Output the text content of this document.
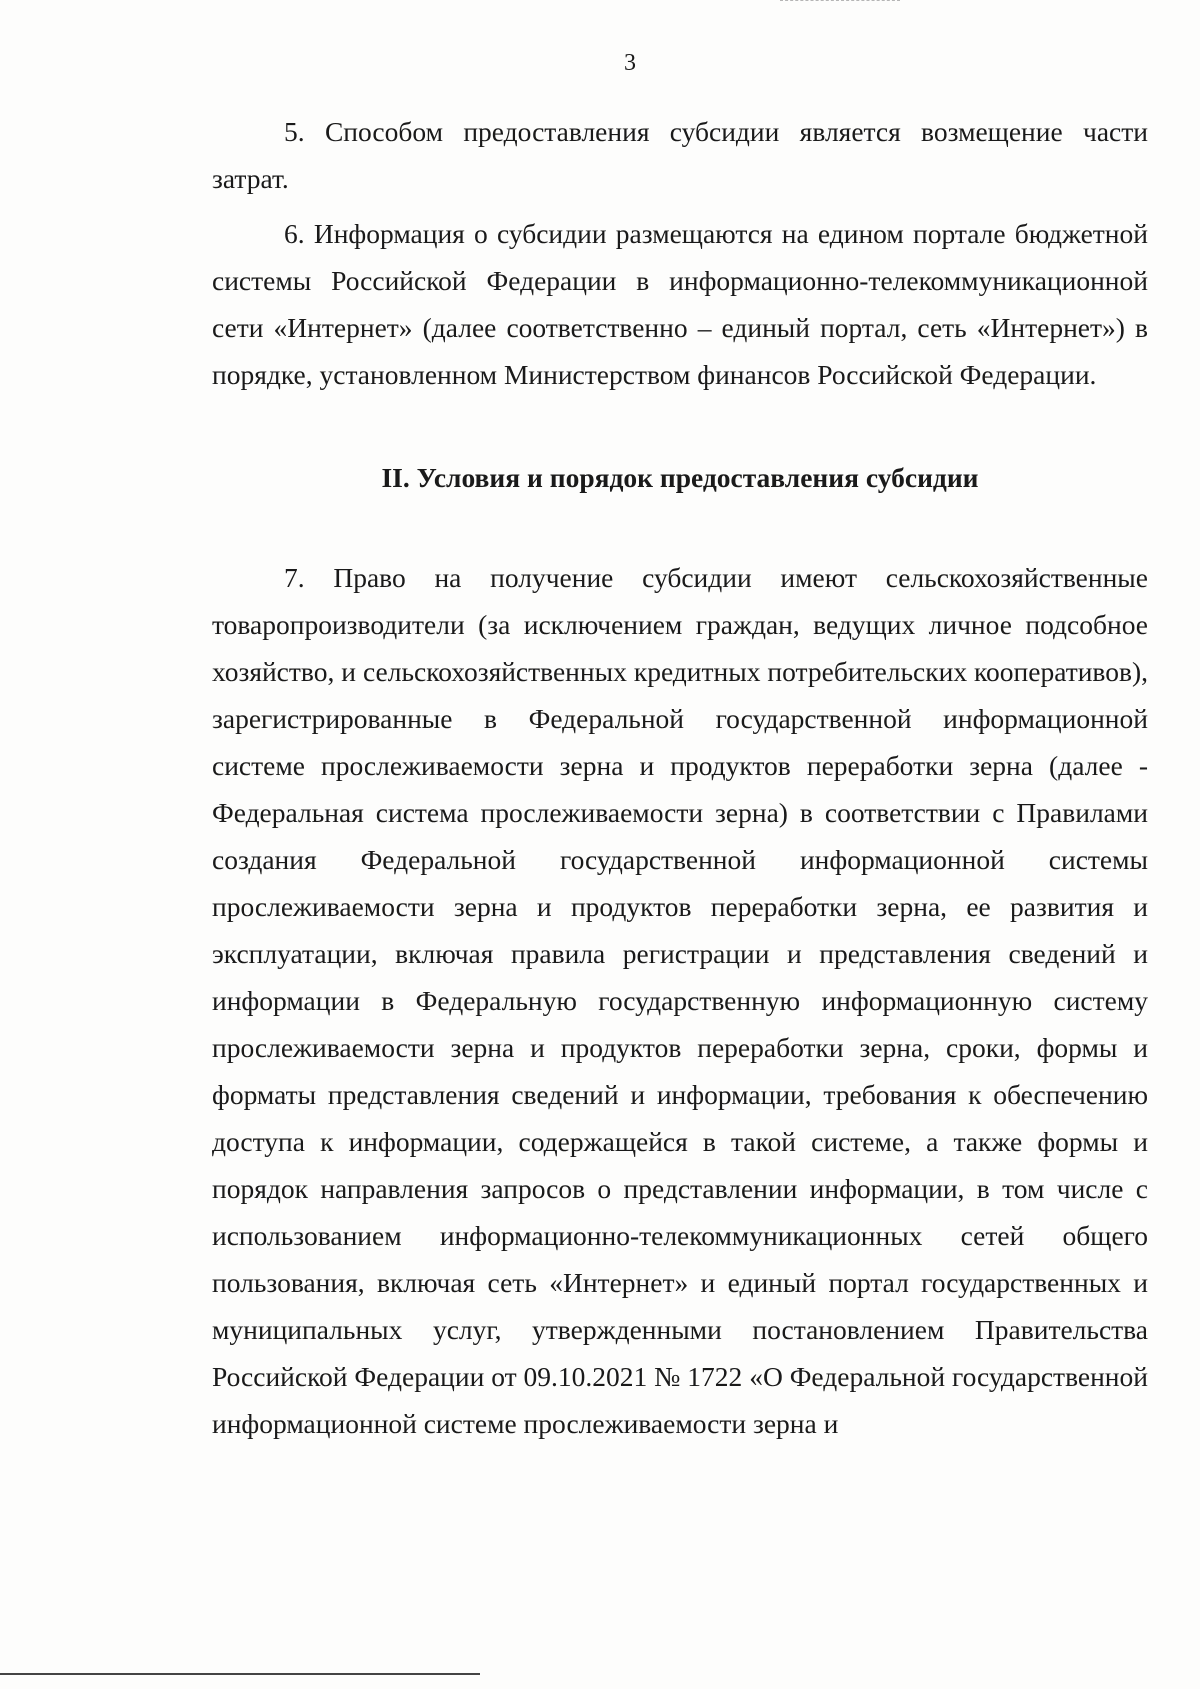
3

5. Способом предоставления субсидии является возмещение части затрат.

6. Информация о субсидии размещаются на едином портале бюджетной системы Российской Федерации в информационно-телекоммуникационной сети «Интернет» (далее соответственно – единый портал, сеть «Интернет») в порядке, установленном Министерством финансов Российской Федерации.

II. Условия и порядок предоставления субсидии

7. Право на получение субсидии имеют сельскохозяйственные товаропроизводители (за исключением граждан, ведущих личное подсобное хозяйство, и сельскохозяйственных кредитных потребительских кооперативов), зарегистрированные в Федеральной государственной информационной системе прослеживаемости зерна и продуктов переработки зерна (далее - Федеральная система прослеживаемости зерна) в соответствии с Правилами создания Федеральной государственной информационной системы прослеживаемости зерна и продуктов переработки зерна, ее развития и эксплуатации, включая правила регистрации и представления сведений и информации в Федеральную государственную информационную систему прослеживаемости зерна и продуктов переработки зерна, сроки, формы и форматы представления сведений и информации, требования к обеспечению доступа к информации, содержащейся в такой системе, а также формы и порядок направления запросов о представлении информации, в том числе с использованием информационно-телекоммуникационных сетей общего пользования, включая сеть «Интернет» и единый портал государственных и муниципальных услуг, утвержденными постановлением Правительства Российской Федерации от 09.10.2021 № 1722 «О Федеральной государственной информационной системе прослеживаемости зерна и
